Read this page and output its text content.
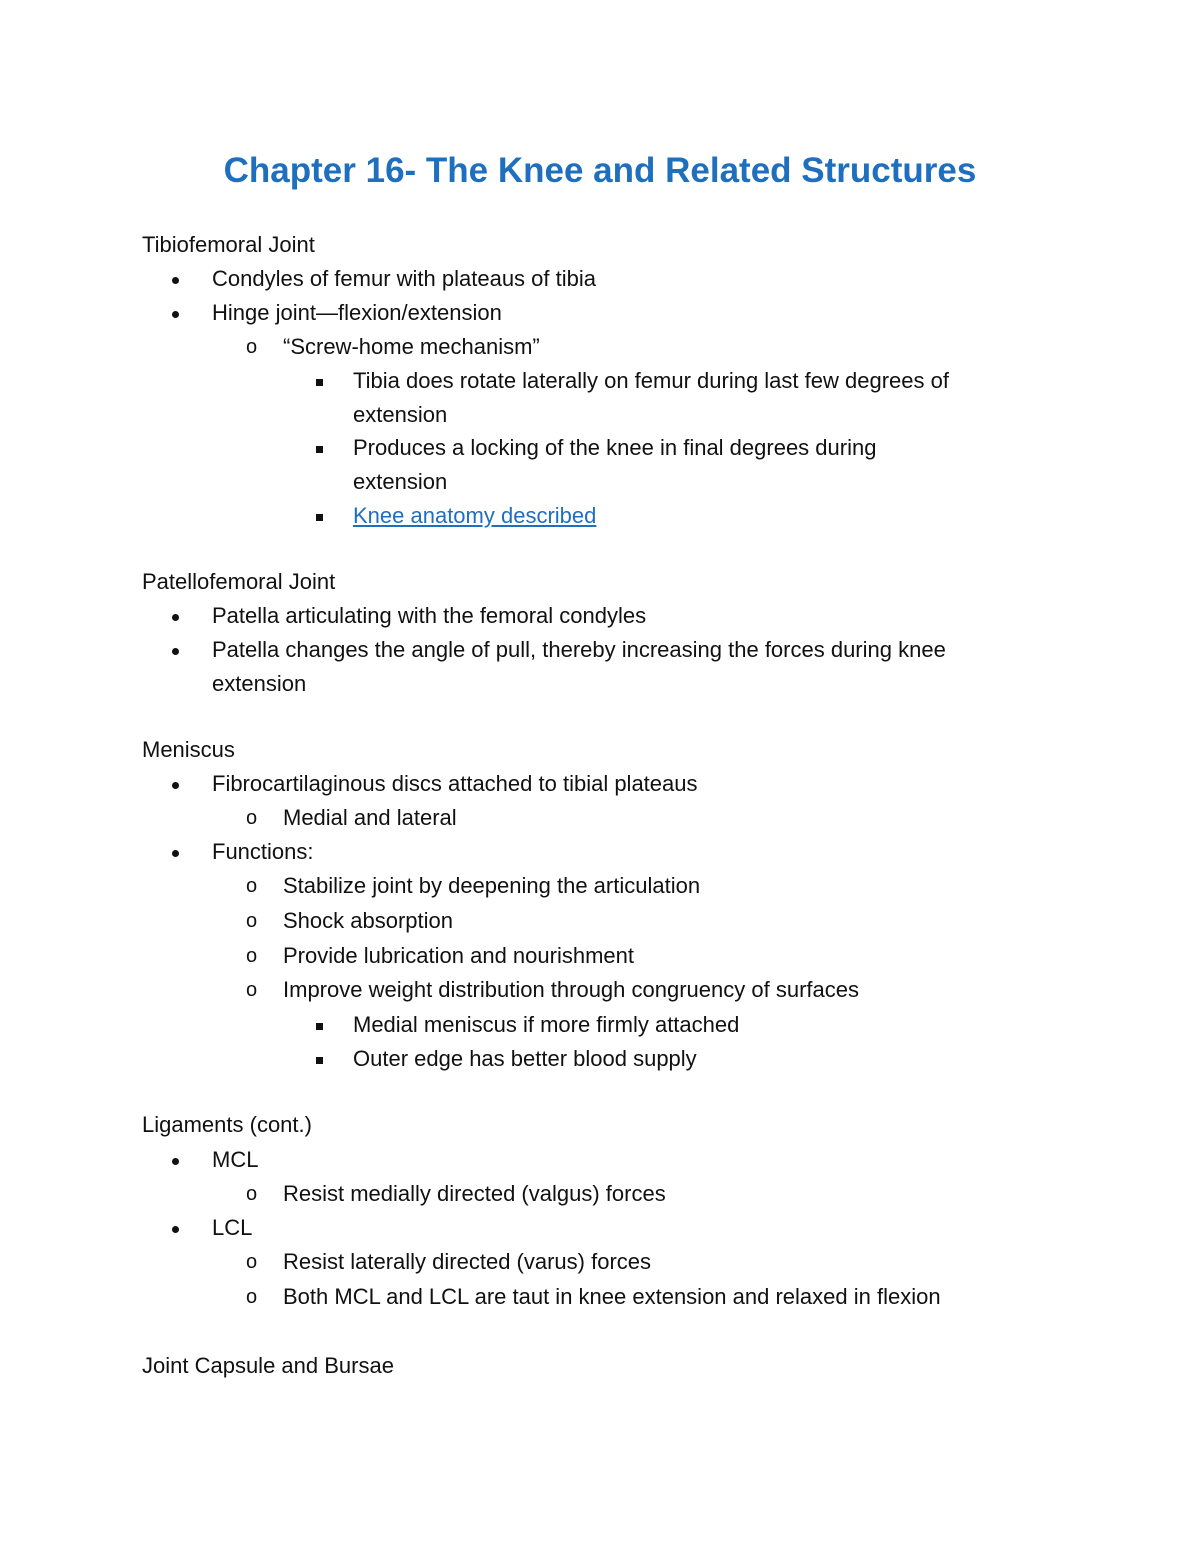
Chapter 16- The Knee and Related Structures

Tibiofemoral Joint

Condyles of femur with plateaus of tibia
Hinge joint—flexion/extension
o “Screw-home mechanism”
Tibia does rotate laterally on femur during last few degrees of
extension
Produces a locking of the knee in final degrees during
extension
Knee anatomy described

Patellofemoral Joint

Patella articulating with the femoral condyles
Patella changes the angle of pull, thereby increasing the forces during knee
extension

Meniscus

Fibrocartilaginous discs attached to tibial plateaus
o Medial and lateral
Functions:
o Stabilize joint by deepening the articulation
o Shock absorption
o Provide lubrication and nourishment
o Improve weight distribution through congruency of surfaces
Medial meniscus if more firmly attached
Outer edge has better blood supply

Ligaments (cont.)

MCL
o Resist medially directed (valgus) forces
LCL
o Resist laterally directed (varus) forces
o Both MCL and LCL are taut in knee extension and relaxed in flexion

Joint Capsule and Bursae
